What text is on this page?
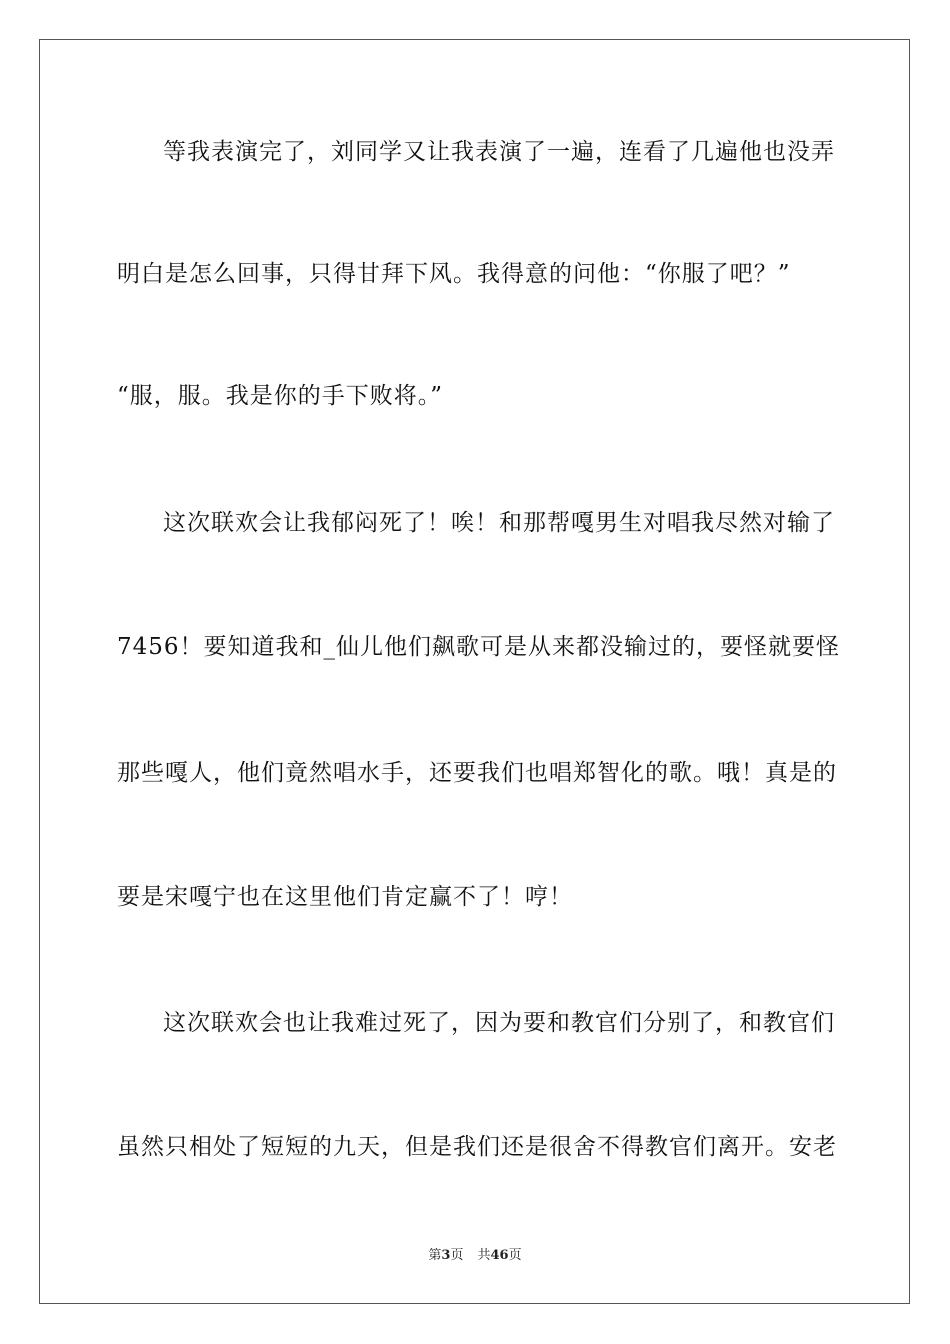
等我表演完了，刘同学又让我表演了一遍，连看了几遍他也没弄
明白是怎么回事，只得甘拜下风。我得意的问他：“你服了吧？”
“服，服。我是你的手下败将。”
这次联欢会让我郁闷死了！唉！和那帮嘎男生对唱我尽然对输了
7456！要知道我和_仙儿他们飙歌可是从来都没输过的，要怪就要怪
那些嘎人，他们竟然唱水手，还要我们也唱郑智化的歌。哦！真是的
要是宋嘎宁也在这里他们肯定赢不了！哼！
这次联欢会也让我难过死了，因为要和教官们分别了，和教官们
虽然只相处了短短的九天，但是我们还是很舍不得教官们离开。安老
第3页 共46页
